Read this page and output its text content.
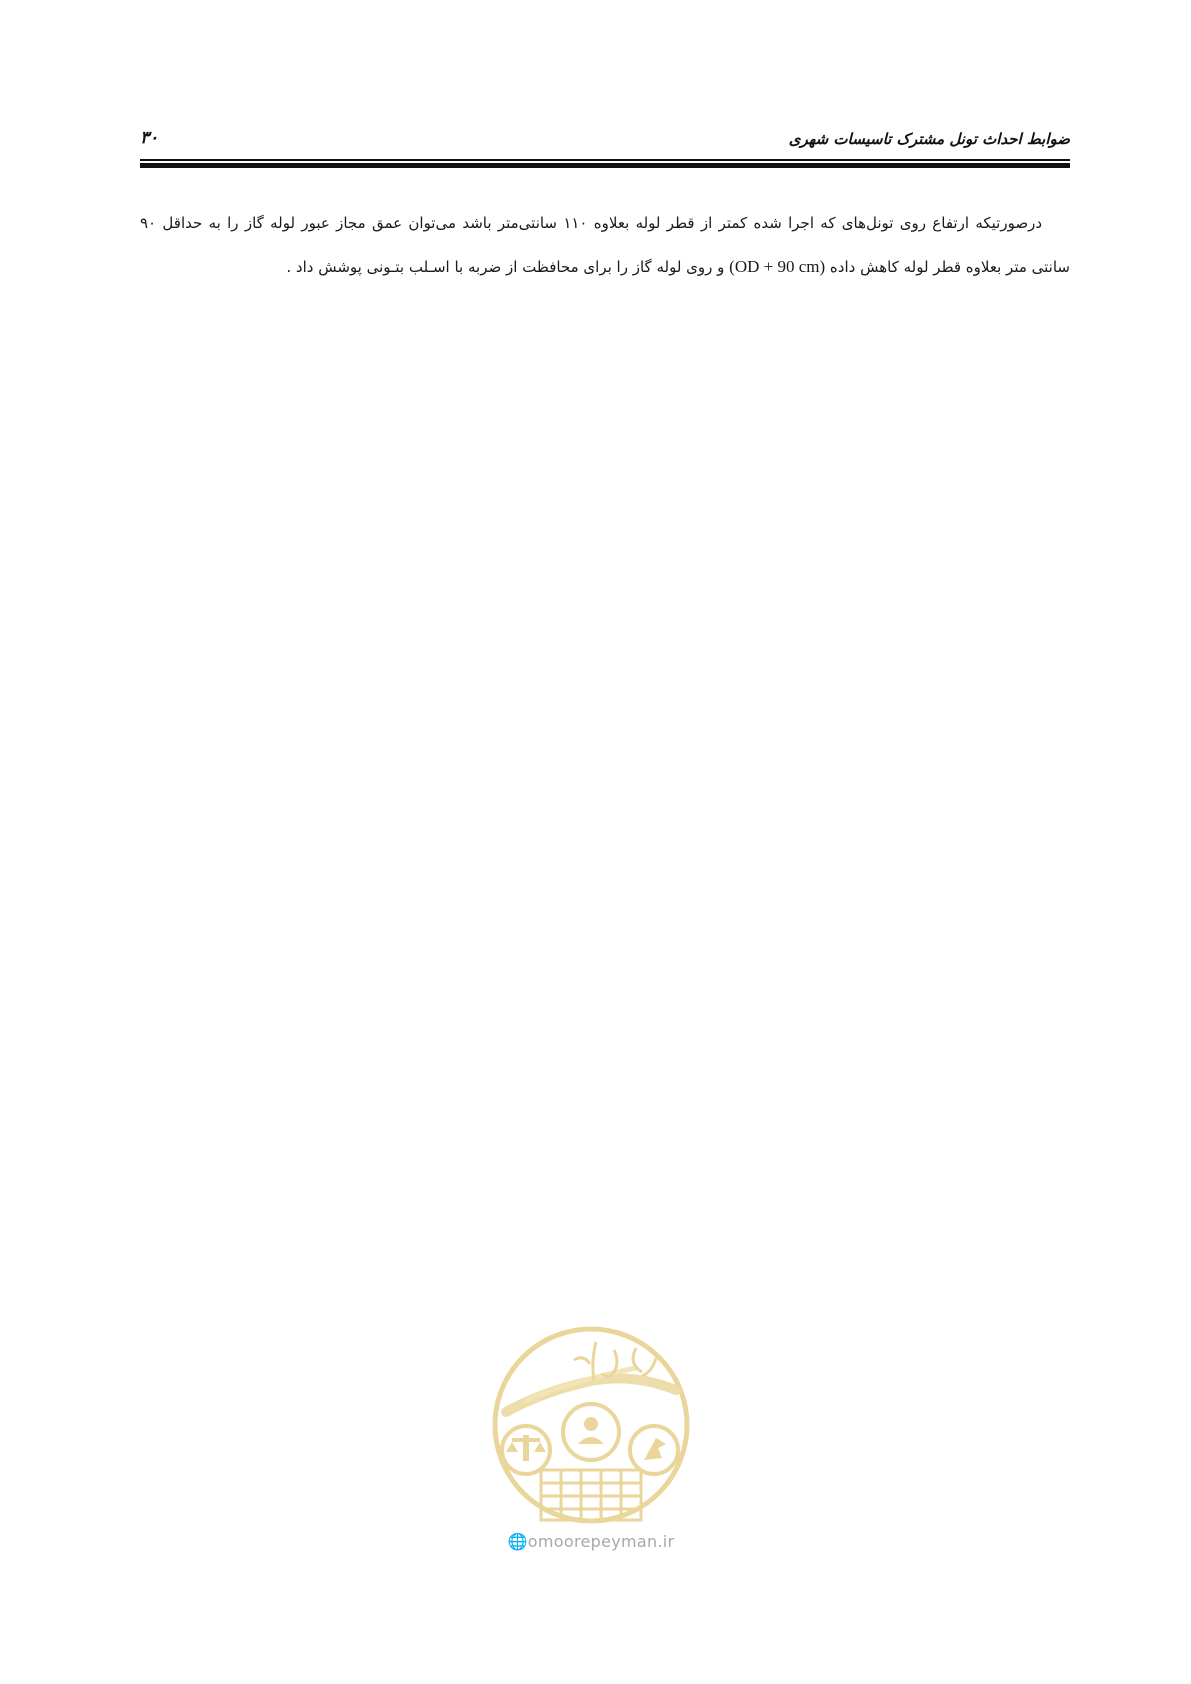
ضوابط احداث تونل مشترک تاسیسات شهری
۳۰

درصورتیکه ارتفاع روی تونل‌های که اجرا شده کمتر از قطر لوله بعلاوه ۱۱۰ سانتی‌متر باشد می‌توان عمق مجاز عبور لوله گاز را به حداقل ۹۰ سانتی متر بعلاوه قطر لوله کاهش داده (OD + 90 cm) و روی لوله گاز را برای محافظت از ضربه با اسـلب بتـونی پوشش داد .

🌐omoorepeyman.ir
